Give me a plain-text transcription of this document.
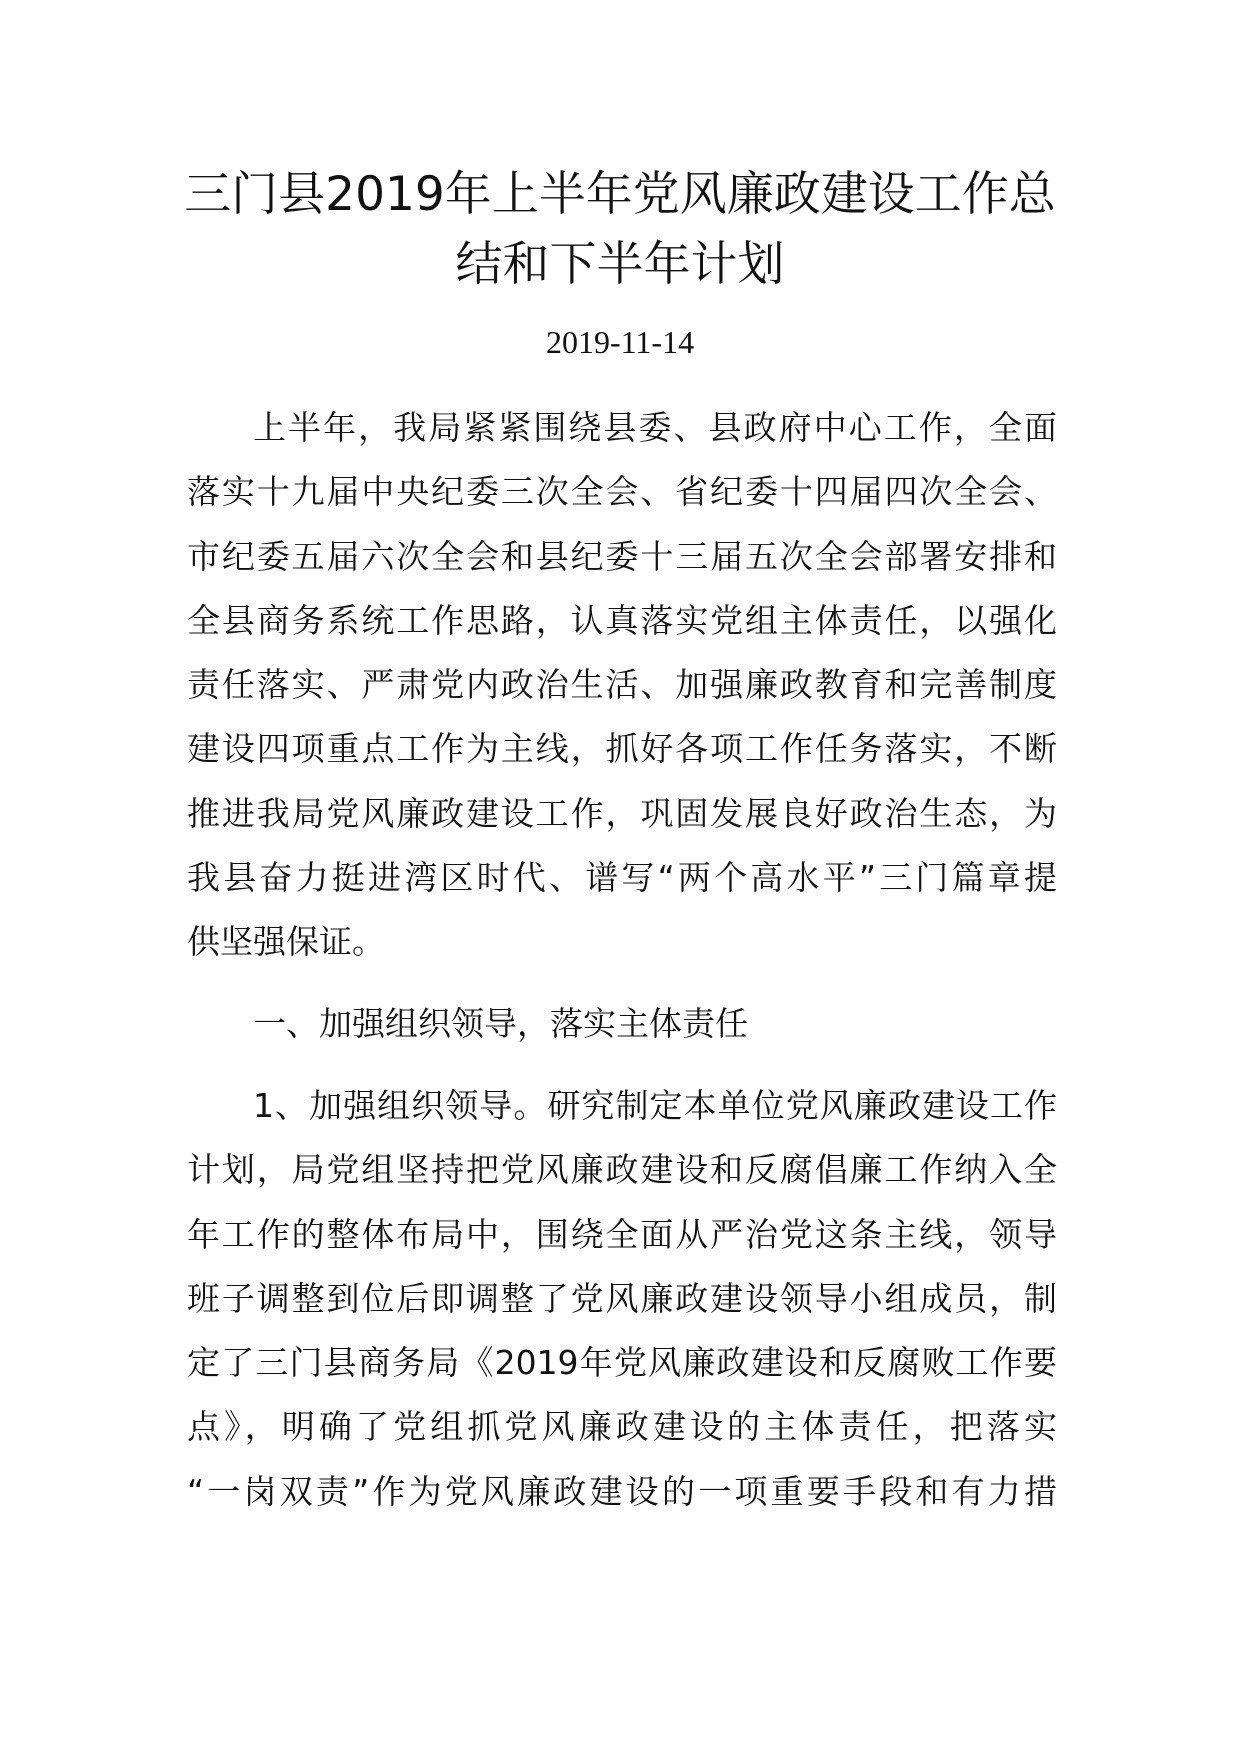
三门县2019年上半年党风廉政建设工作总
结和下半年计划
2019-11-14
上半年，我局紧紧围绕县委、县政府中心工作，全面
落实十九届中央纪委三次全会、省纪委十四届四次全会、
市纪委五届六次全会和县纪委十三届五次全会部署安排和
全县商务系统工作思路，认真落实党组主体责任，以强化
责任落实、严肃党内政治生活、加强廉政教育和完善制度
建设四项重点工作为主线，抓好各项工作任务落实，不断
推进我局党风廉政建设工作，巩固发展良好政治生态，为
我县奋力挺进湾区时代、谱写“两个高水平”三门篇章提
供坚强保证。
一、加强组织领导，落实主体责任
1、加强组织领导。研究制定本单位党风廉政建设工作
计划，局党组坚持把党风廉政建设和反腐倡廉工作纳入全
年工作的整体布局中，围绕全面从严治党这条主线，领导
班子调整到位后即调整了党风廉政建设领导小组成员，制
定了三门县商务局《2019年党风廉政建设和反腐败工作要
点》，明确了党组抓党风廉政建设的主体责任，把落实
“一岗双责”作为党风廉政建设的一项重要手段和有力措
